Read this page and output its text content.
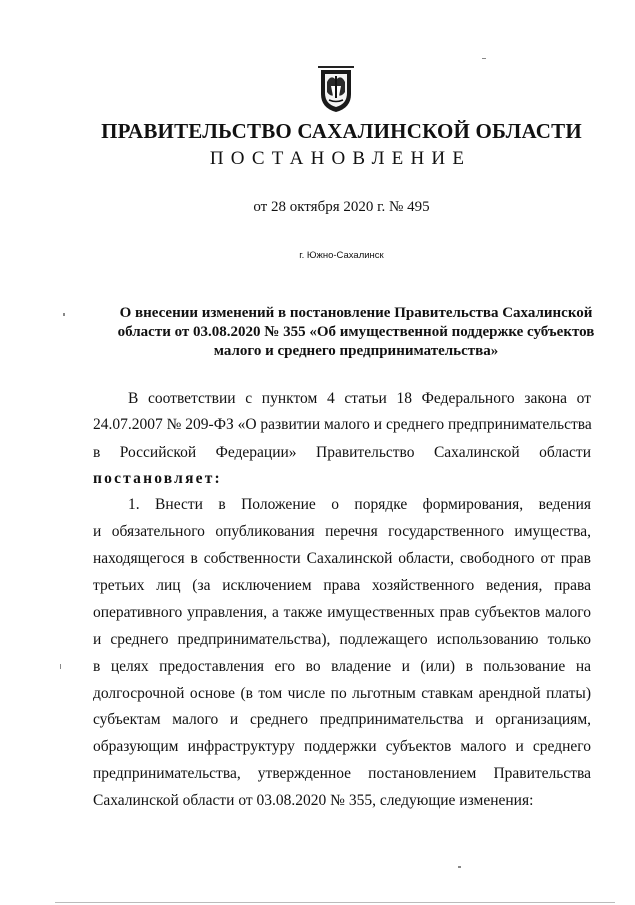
ПРАВИТЕЛЬСТВО САХАЛИНСКОЙ ОБЛАСТИ
ПОСТАНОВЛЕНИЕ
от 28 октября 2020 г. № 495
г. Южно-Сахалинск
О внесении изменений в постановление Правительства Сахалинской области от 03.08.2020 № 355 «Об имущественной поддержке субъектов малого и среднего предпринимательства»
В соответствии с пунктом 4 статьи 18 Федерального закона от
24.07.2007 № 209-ФЗ «О развитии малого и среднего предпринимательства
в Российской Федерации» Правительство Сахалинской области
постановляет:
1. Внести в Положение о порядке формирования, ведения
и обязательного опубликования перечня государственного имущества,
находящегося в собственности Сахалинской области, свободного от прав
третьих лиц (за исключением права хозяйственного ведения, права
оперативного управления, а также имущественных прав субъектов малого
и среднего предпринимательства), подлежащего использованию только
в целях предоставления его во владение и (или) в пользование на
долгосрочной основе (в том числе по льготным ставкам арендной платы)
субъектам малого и среднего предпринимательства и организациям,
образующим инфраструктуру поддержки субъектов малого и среднего
предпринимательства, утвержденное постановлением Правительства
Сахалинской области от 03.08.2020 № 355, следующие изменения:
